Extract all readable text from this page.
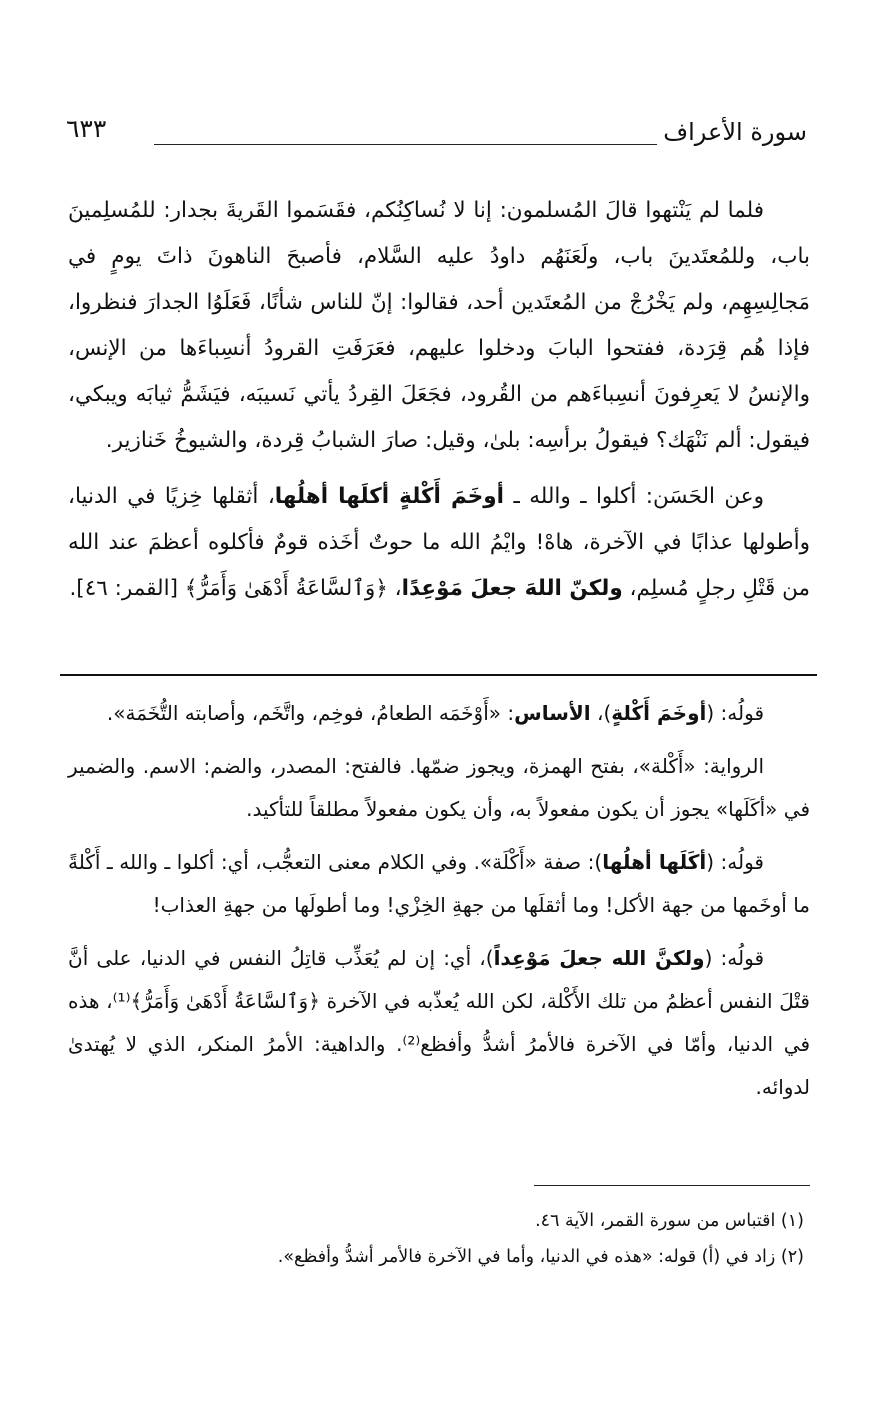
سورة الأعراف
٦٣٣

فلما لم يَنْتهوا قالَ المُسلمون: إنا لا نُساكِنُكم، فقَسَموا القَريةَ بجدار: للمُسلِمينَ باب، وللمُعتَدينَ باب، ولَعَنَهُم داودُ عليه السَّلام، فأصبحَ الناهونَ ذاتَ يومٍ في مَجالِسِهِم، ولم يَخْرُجْ من المُعتَدين أحد، فقالوا: إنّ للناس شأنًا، فَعَلَوُا الجدارَ فنظروا، فإذا هُم قِرَدة، ففتحوا البابَ ودخلوا عليهم، فعَرَفَتِ القرودُ أنسِباءَها من الإنس، والإنسُ لا يَعرِفونَ أنسِباءَهم من القُرود، فجَعَلَ القِردُ يأتي نَسيبَه، فيَشَمُّ ثيابَه ويبكي، فيقول: ألم نَنْهَك؟ فيقولُ برأسِه: بلىٰ، وقيل: صارَ الشبابُ قِردة، والشيوخُ خَنازير.

وعن الحَسَن: أكلوا ـ والله ـ أوخَمَ أَكْلةٍ أكلَها أهلُها، أثقلها خِزيًا في الدنيا، وأطولها عذابًا في الآخرة، هاهْ! وايْمُ الله ما حوتٌ أخَذه قومٌ فأكلوه أعظمَ عند الله من قَتْلِ رجلٍ مُسلِم، ولكنّ اللهَ جعلَ مَوْعِدًا، ﴿وَٱلسَّاعَةُ أَدْهَىٰ وَأَمَرُّ﴾ [القمر: ٤٦].

قولُه: (أوخَمَ أَكْلةٍ)، الأساس: «أَوْخَمَه الطعامُ، فوخِم، واتَّخَم، وأصابته التُّخَمَة».

الرواية: «أَكْلة»، بفتح الهمزة، ويجوز ضمّها. فالفتح: المصدر، والضم: الاسم. والضمير في «أكَلَها» يجوز أن يكون مفعولاً به، وأن يكون مفعولاً مطلقاً للتأكيد.

قولُه: (أكَلَها أهلُها): صفة «أَكْلَة». وفي الكلام معنى التعجُّب، أي: أكلوا ـ والله ـ أَكْلةً ما أوخَمها من جهة الأكل! وما أثقلَها من جهةِ الخِزْي! وما أطولَها من جهةِ العذاب!

قولُه: (ولكنَّ الله جعلَ مَوْعِداً)، أي: إن لم يُعَذِّب قاتِلُ النفس في الدنيا، على أنَّ قتْلَ النفس أعظمُ من تلك الأَكْلة، لكن الله يُعذّبه في الآخرة ﴿وَٱلسَّاعَةُ أَدْهَىٰ وَأَمَرُّ﴾⁽¹⁾، هذه في الدنيا، وأمّا في الآخرة فالأمرُ أشدُّ وأفظع⁽²⁾. والداهية: الأمرُ المنكر، الذي لا يُهتدىٰ لدوائه.

(١) اقتباس من سورة القمر، الآية ٤٦.

(٢) زاد في (أ) قوله: «هذه في الدنيا، وأما في الآخرة فالأمر أشدُّ وأفظع».
